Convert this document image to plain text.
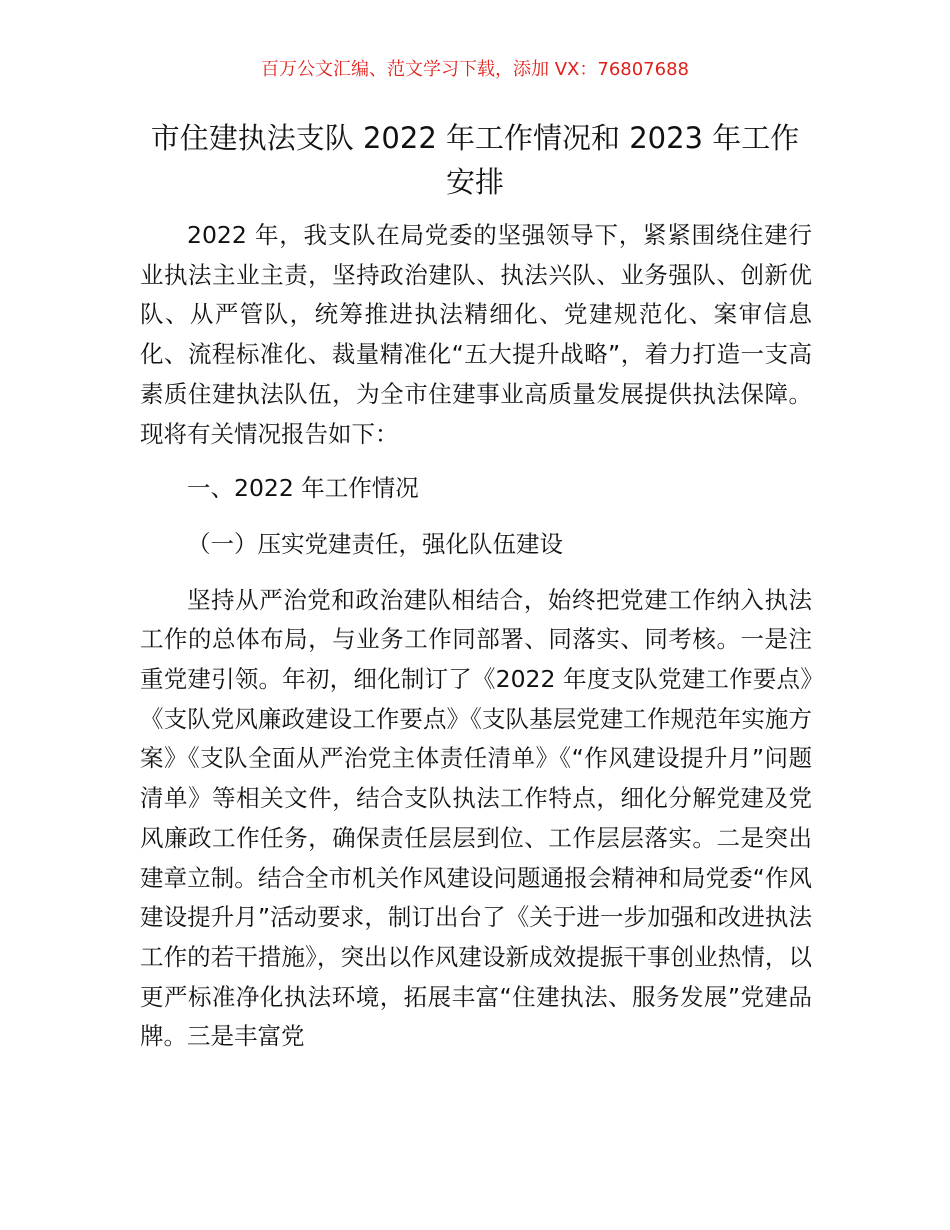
百万公文汇编、范文学习下载，添加 VX：76807688
市住建执法支队 2022 年工作情况和 2023 年工作安排

2022 年，我支队在局党委的坚强领导下，紧紧围绕住建行业执法主业主责，坚持政治建队、执法兴队、业务强队、创新优队、从严管队，统筹推进执法精细化、党建规范化、案审信息化、流程标准化、裁量精准化“五大提升战略”，着力打造一支高素质住建执法队伍，为全市住建事业高质量发展提供执法保障。现将有关情况报告如下：

一、2022 年工作情况

（一）压实党建责任，强化队伍建设

坚持从严治党和政治建队相结合，始终把党建工作纳入执法工作的总体布局，与业务工作同部署、同落实、同考核。一是注重党建引领。年初，细化制订了《2022 年度支队党建工作要点》《支队党风廉政建设工作要点》《支队基层党建工作规范年实施方案》《支队全面从严治党主体责任清单》《“作风建设提升月”问题清单》等相关文件，结合支队执法工作特点，细化分解党建及党风廉政工作任务，确保责任层层到位、工作层层落实。二是突出建章立制。结合全市机关作风建设问题通报会精神和局党委“作风建设提升月”活动要求，制订出台了《关于进一步加强和改进执法工作的若干措施》，突出以作风建设新成效提振干事创业热情，以更严标准净化执法环境，拓展丰富“住建执法、服务发展”党建品牌。三是丰富党
